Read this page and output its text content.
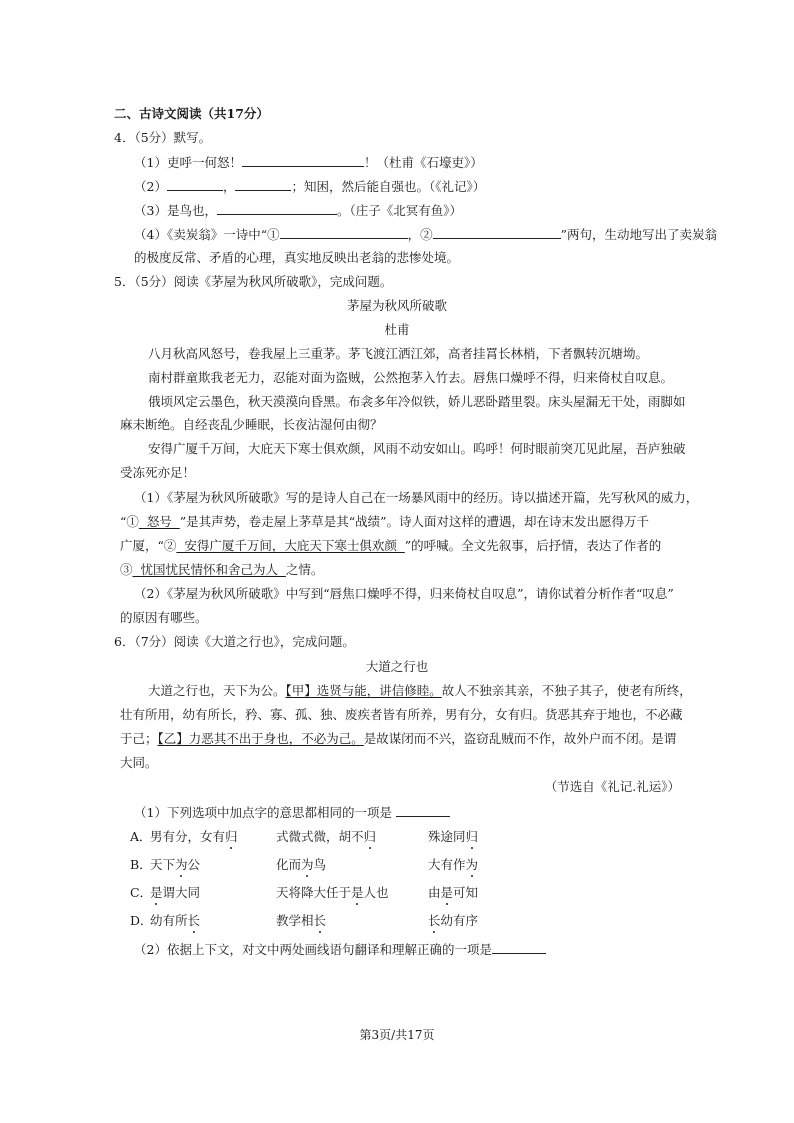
二、古诗文阅读（共17分）
4．（5分）默写。
（1）吏呼一何怒！	！（杜甫《石壕吏》）
（2）	，	；知困，然后能自强也。（《礼记》）
（3）是鸟也，	。（庄子《北冥有鱼》）
（4）《卖炭翁》一诗中“①	，②	”两句，生动地写出了卖炭翁
的极度反常、矛盾的心理，真实地反映出老翁的悲惨处境。
5．（5分）阅读《茅屋为秋风所破歌》，完成问题。
茅屋为秋风所破歌
杜甫
八月秋高风怒号，卷我屋上三重茅。茅飞渡江洒江郊，高者挂罥长林梢，下者飘转沉塘坳。
南村群童欺我老无力，忍能对面为盗贼，公然抱茅入竹去。唇焦口燥呼不得，归来倚杖自叹息。
俄顷风定云墨色，秋天漠漠向昏黑。布衾多年冷似铁，娇儿恶卧踏里裂。床头屋漏无干处，雨脚如
麻未断绝。自经丧乱少睡眠，长夜沾湿何由彻？
安得广厦千万间，大庇天下寒士俱欢颜，风雨不动安如山。呜呼！何时眼前突兀见此屋，吾庐独破
受冻死亦足！
（1）《茅屋为秋风所破歌》写的是诗人自己在一场暴风雨中的经历。诗以描述开篇，先写秋风的威力，
“①  怒号  ”是其声势，卷走屋上茅草是其“战绩”。诗人面对这样的遭遇，却在诗末发出愿得万千
广厦，“②  安得广厦千万间，大庇天下寒士俱欢颜  ”的呼喊。全文先叙事，后抒情，表达了作者的
③  忧国忧民情怀和舍己为人  之情。
（2）《茅屋为秋风所破歌》中写到“唇焦口燥呼不得，归来倚杖自叹息”，请你试着分析作者“叹息”
的原因有哪些。
6．（7分）阅读《大道之行也》，完成问题。
大道之行也
大道之行也，天下为公。【甲】选贤与能，讲信修睦。故人不独亲其亲，不独子其子，使老有所终，
壮有所用，幼有所长，矜、寡、孤、独、废疾者皆有所养，男有分，女有归。货恶其弃于地也，不必藏
于己；【乙】力恶其不出于身也，不必为己。是故谋闭而不兴，盗窃乱贼而不作，故外户而不闭。是谓
大同。
（节选自《礼记.礼运》）
（1）下列选项中加点字的意思都相同的一项是
A．
男有分，女有归	式微式微，胡不归	殊途同归
B．
天下为公	化而为鸟	大有作为
C．
是谓大同	天将降大任于是人也	由是可知
D．
幼有所长	教学相长	长幼有序
（2）依据上下文，对文中两处画线语句翻译和理解正确的一项是
第3页/共17页
